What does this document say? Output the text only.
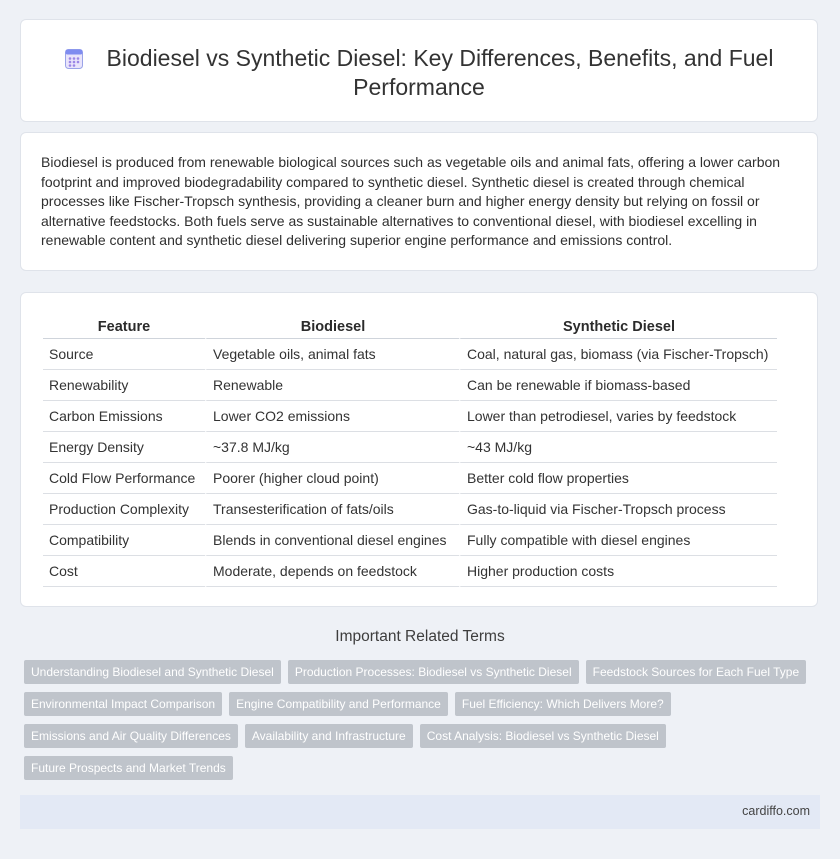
Biodiesel vs Synthetic Diesel: Key Differences, Benefits, and Fuel Performance

Biodiesel is produced from renewable biological sources such as vegetable oils and animal fats, offering a lower carbon footprint and improved biodegradability compared to synthetic diesel. Synthetic diesel is created through chemical processes like Fischer-Tropsch synthesis, providing a cleaner burn and higher energy density but relying on fossil or alternative feedstocks. Both fuels serve as sustainable alternatives to conventional diesel, with biodiesel excelling in renewable content and synthetic diesel delivering superior engine performance and emissions control.

Feature	Biodiesel	Synthetic Diesel
Source	Vegetable oils, animal fats	Coal, natural gas, biomass (via Fischer-Tropsch)
Renewability	Renewable	Can be renewable if biomass-based
Carbon Emissions	Lower CO2 emissions	Lower than petrodiesel, varies by feedstock
Energy Density	~37.8 MJ/kg	~43 MJ/kg
Cold Flow Performance	Poorer (higher cloud point)	Better cold flow properties
Production Complexity	Transesterification of fats/oils	Gas-to-liquid via Fischer-Tropsch process
Compatibility	Blends in conventional diesel engines	Fully compatible with diesel engines
Cost	Moderate, depends on feedstock	Higher production costs
Important Related Terms
Understanding Biodiesel and Synthetic Diesel Production Processes: Biodiesel vs Synthetic Diesel Feedstock Sources for Each Fuel Type
Environmental Impact Comparison Engine Compatibility and Performance Fuel Efficiency: Which Delivers More?
Emissions and Air Quality Differences Availability and Infrastructure Cost Analysis: Biodiesel vs Synthetic Diesel
Future Prospects and Market Trends
cardiffo.com
